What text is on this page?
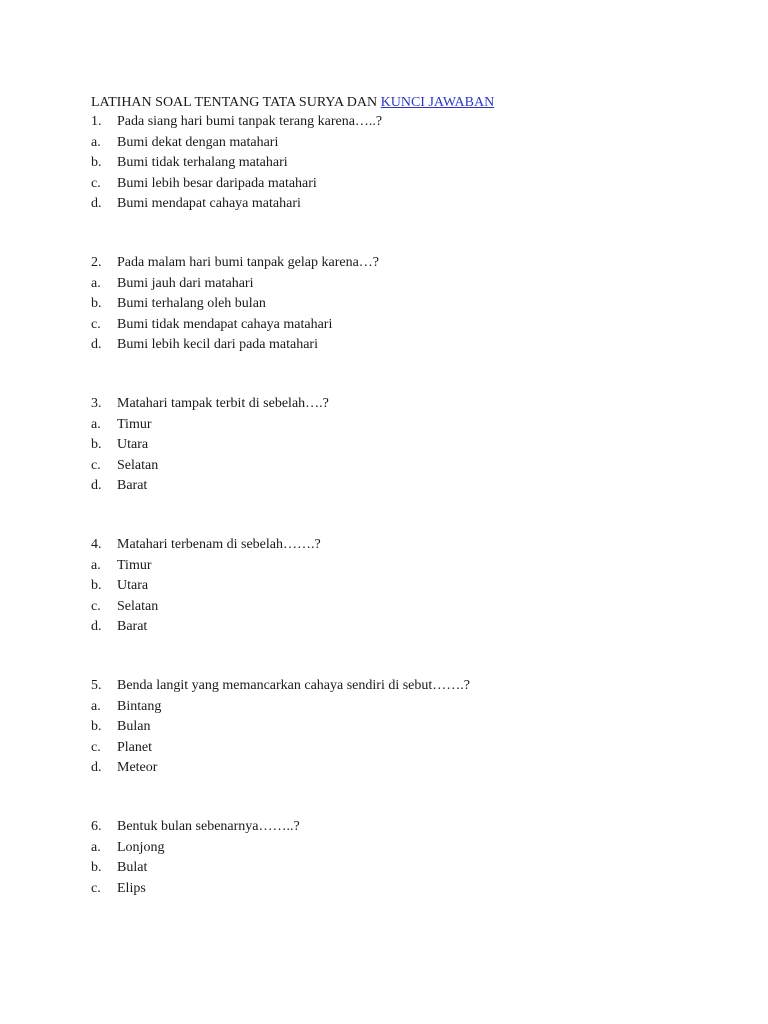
LATIHAN SOAL TENTANG TATA SURYA DAN KUNCI JAWABAN
1. Pada siang hari bumi tanpak terang karena…..?
a. Bumi dekat dengan matahari
b. Bumi tidak terhalang matahari
c. Bumi lebih besar daripada matahari
d. Bumi mendapat cahaya matahari
2. Pada malam hari bumi tanpak gelap karena…?
a. Bumi jauh dari matahari
b. Bumi terhalang oleh bulan
c. Bumi tidak mendapat cahaya matahari
d. Bumi lebih kecil dari pada matahari
3. Matahari tampak terbit di sebelah….?
a. Timur
b. Utara
c. Selatan
d. Barat
4. Matahari terbenam di sebelah…….?
a. Timur
b. Utara
c. Selatan
d. Barat
5. Benda langit yang memancarkan cahaya sendiri di sebut…….?
a. Bintang
b. Bulan
c. Planet
d. Meteor
6. Bentuk bulan sebenarnya……..?
a. Lonjong
b. Bulat
c. Elips
